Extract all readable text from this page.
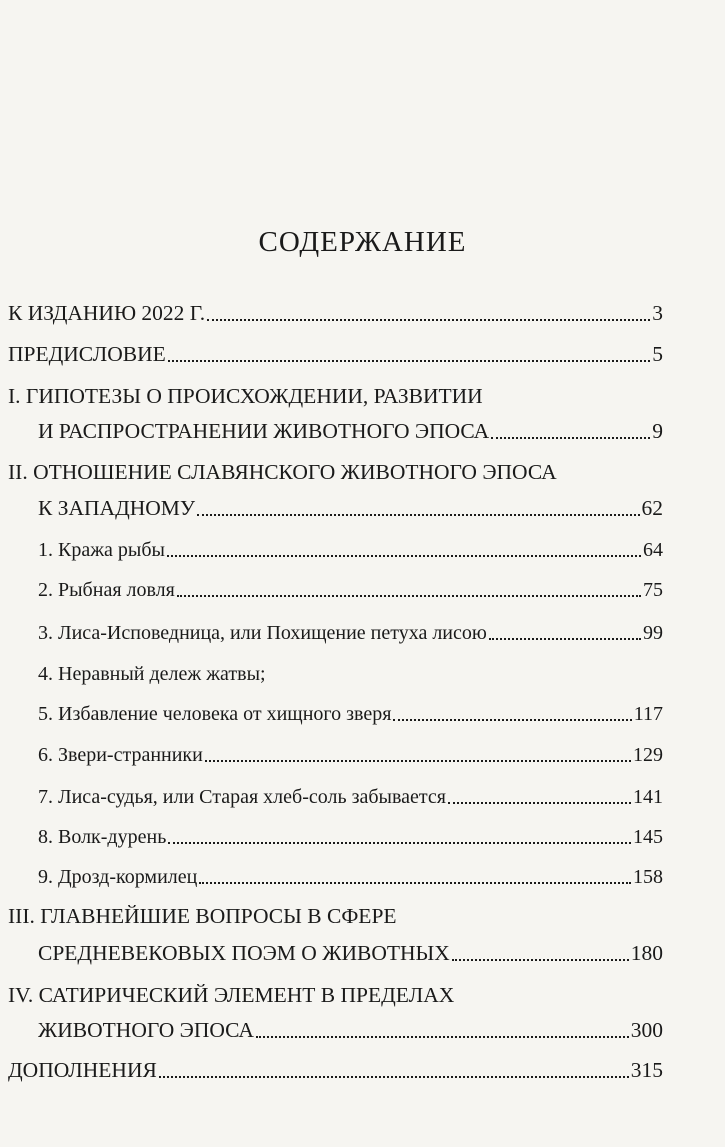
СОДЕРЖАНИЕ
К ИЗДАНИЮ 2022 Г.	3
ПРЕДИСЛОВИЕ	5
I. ГИПОТЕЗЫ О ПРОИСХОЖДЕНИИ, РАЗВИТИИ
И РАСПРОСТРАНЕНИИ ЖИВОТНОГО ЭПОСА	9
II. ОТНОШЕНИЕ СЛАВЯНСКОГО ЖИВОТНОГО ЭПОСА
К ЗАПАДНОМУ	62
1. Кража рыбы	64
2. Рыбная ловля	75
3. Лиса-Исповедница, или Похищение петуха лисою	99
4. Неравный дележ жатвы;
5. Избавление человека от хищного зверя	117
6. Звери-странники	129
7. Лиса-судья, или Старая хлеб-соль забывается	141
8. Волк-дурень	145
9. Дрозд-кормилец	158
III. ГЛАВНЕЙШИЕ ВОПРОСЫ В СФЕРЕ
СРЕДНЕВЕКОВЫХ ПОЭМ О ЖИВОТНЫХ	180
IV. САТИРИЧЕСКИЙ ЭЛЕМЕНТ В ПРЕДЕЛАХ
ЖИВОТНОГО ЭПОСА	300
ДОПОЛНЕНИЯ	315
